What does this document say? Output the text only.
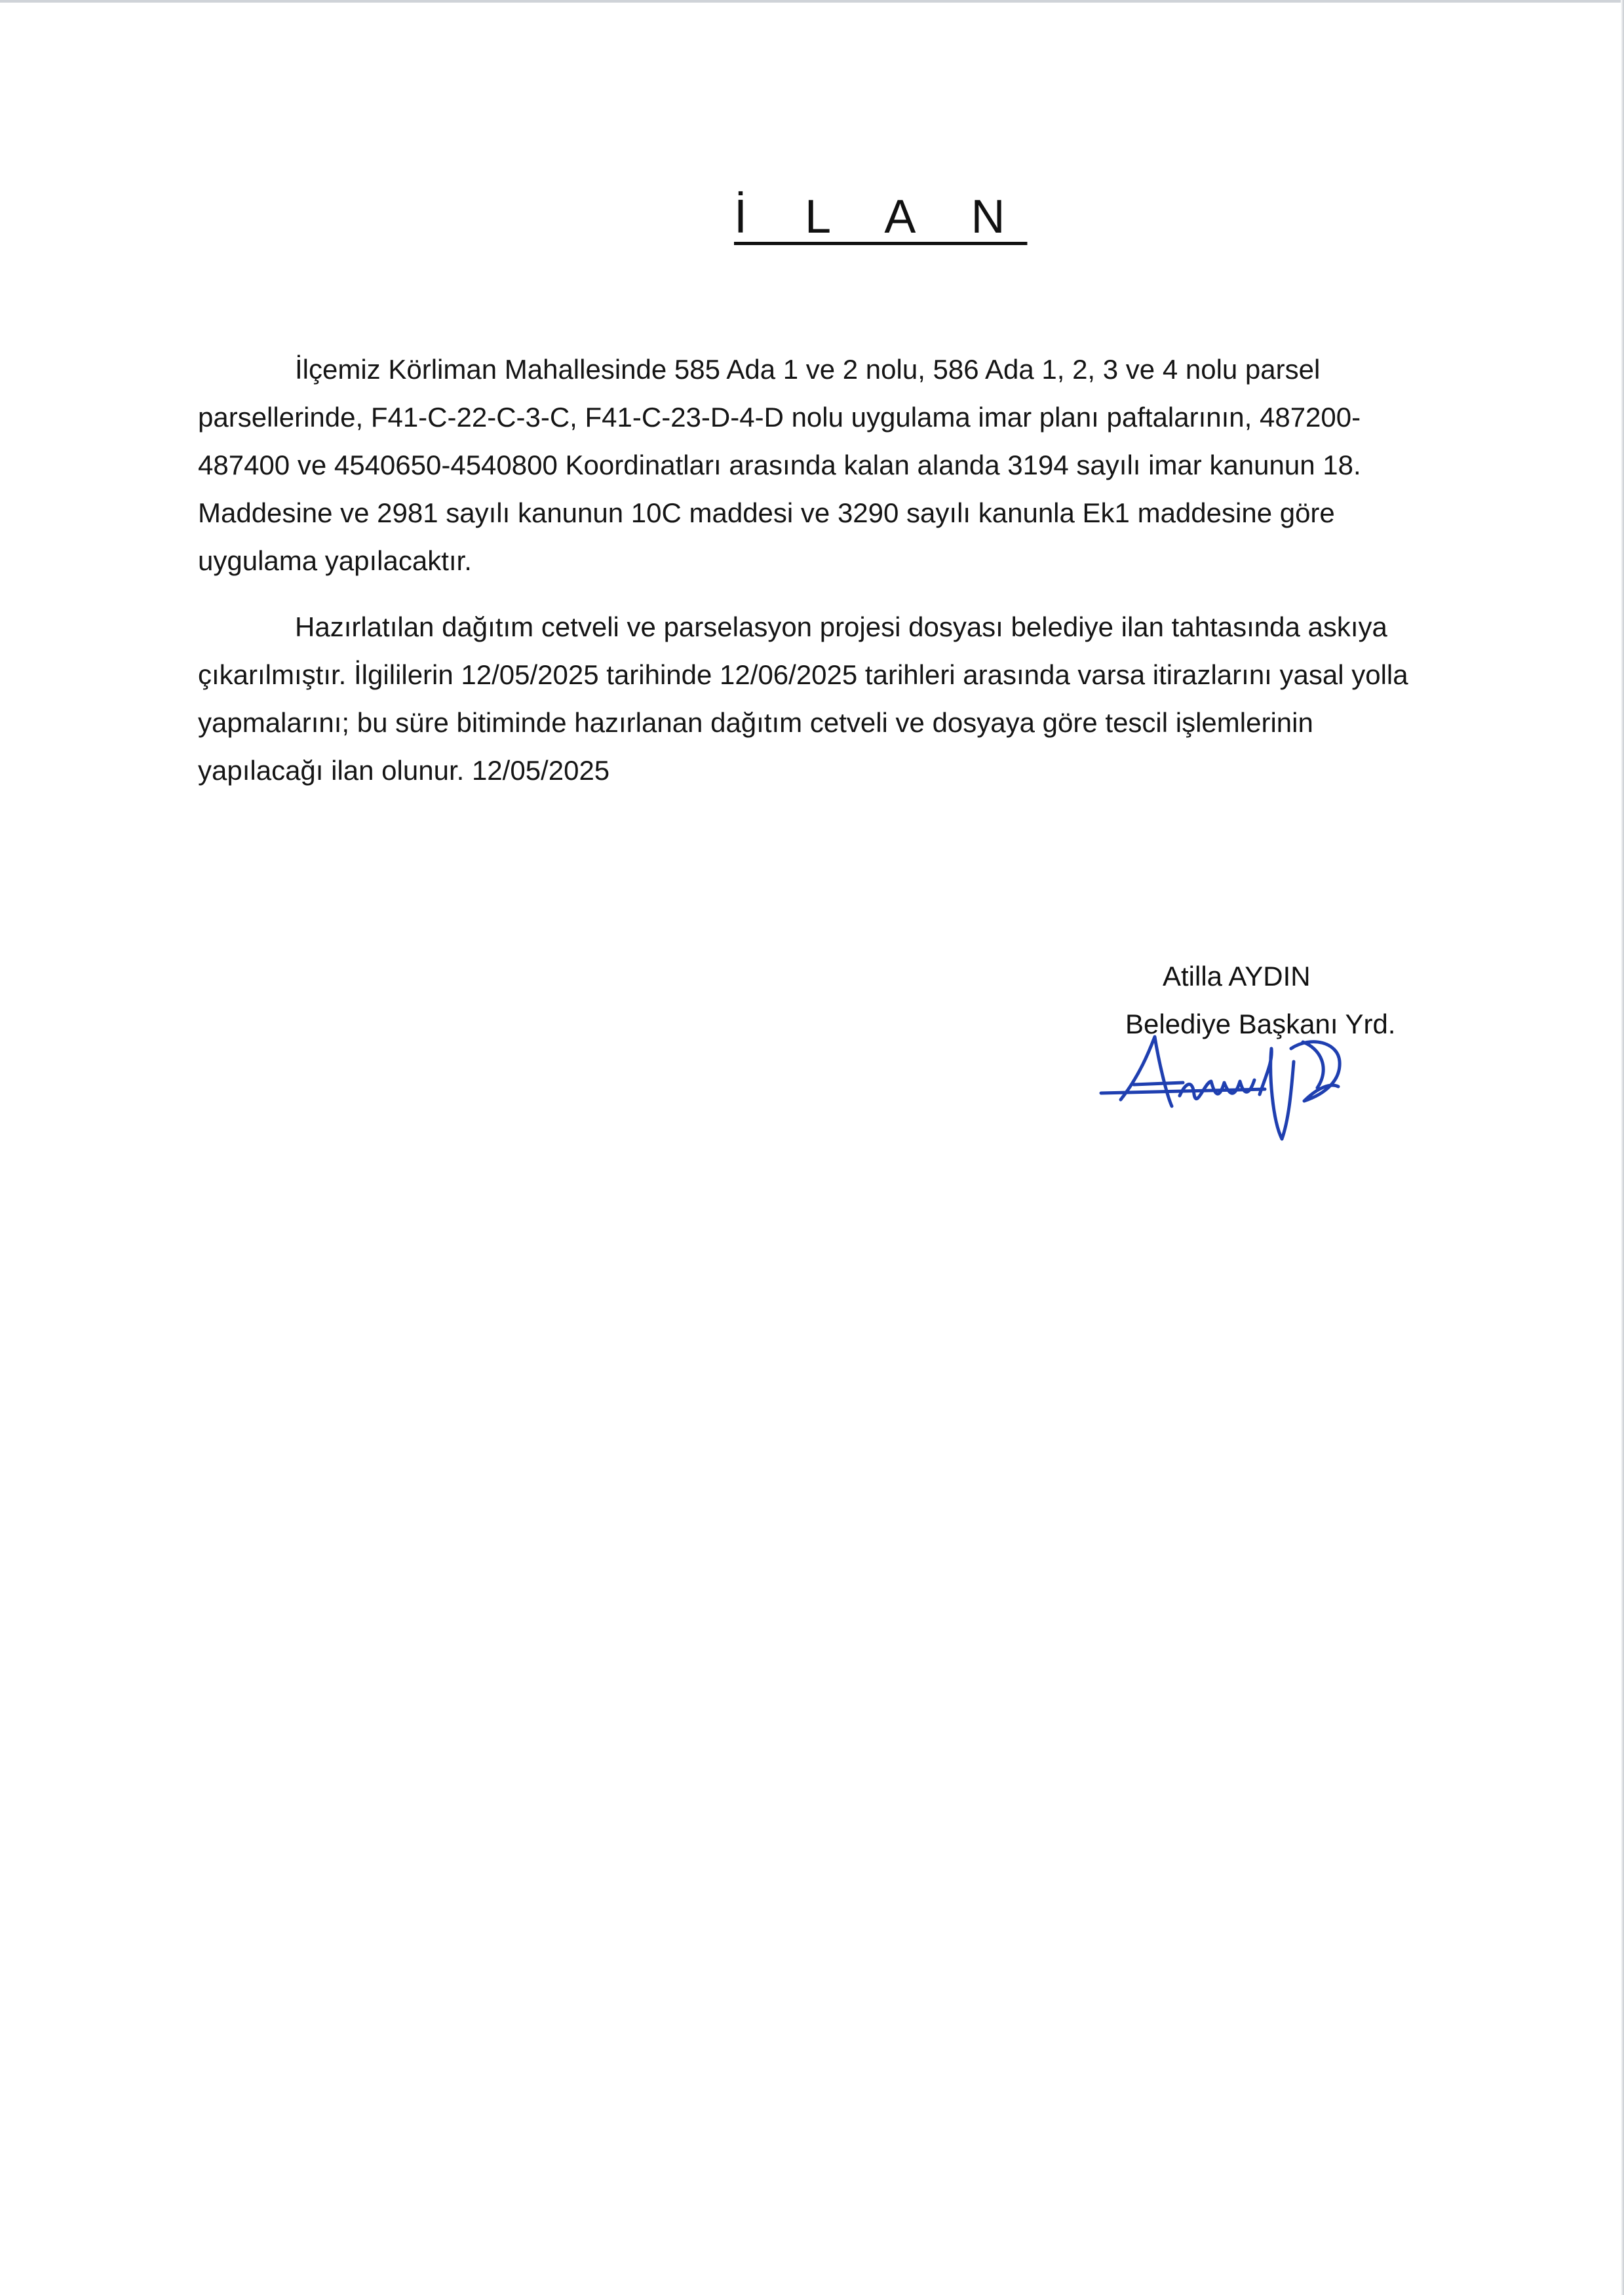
İ L A N

İlçemiz Körliman Mahallesinde 585 Ada 1 ve 2 nolu, 586 Ada 1, 2, 3 ve 4 nolu parsel parsellerinde, F41-C-22-C-3-C, F41-C-23-D-4-D nolu uygulama imar planı paftalarının, 487200-487400 ve 4540650-4540800 Koordinatları arasında kalan alanda 3194 sayılı imar kanunun 18. Maddesine ve 2981 sayılı kanunun 10C maddesi ve 3290 sayılı kanunla Ek1 maddesine göre uygulama yapılacaktır.

Hazırlatılan dağıtım cetveli ve parselasyon projesi dosyası belediye ilan tahtasında askıya çıkarılmıştır. İlgililerin 12/05/2025 tarihinde 12/06/2025 tarihleri arasında varsa itirazlarını yasal yolla yapmalarını; bu süre bitiminde hazırlanan dağıtım cetveli ve dosyaya göre tescil işlemlerinin yapılacağı ilan olunur. 12/05/2025

Atilla AYDIN
Belediye Başkanı Yrd.
